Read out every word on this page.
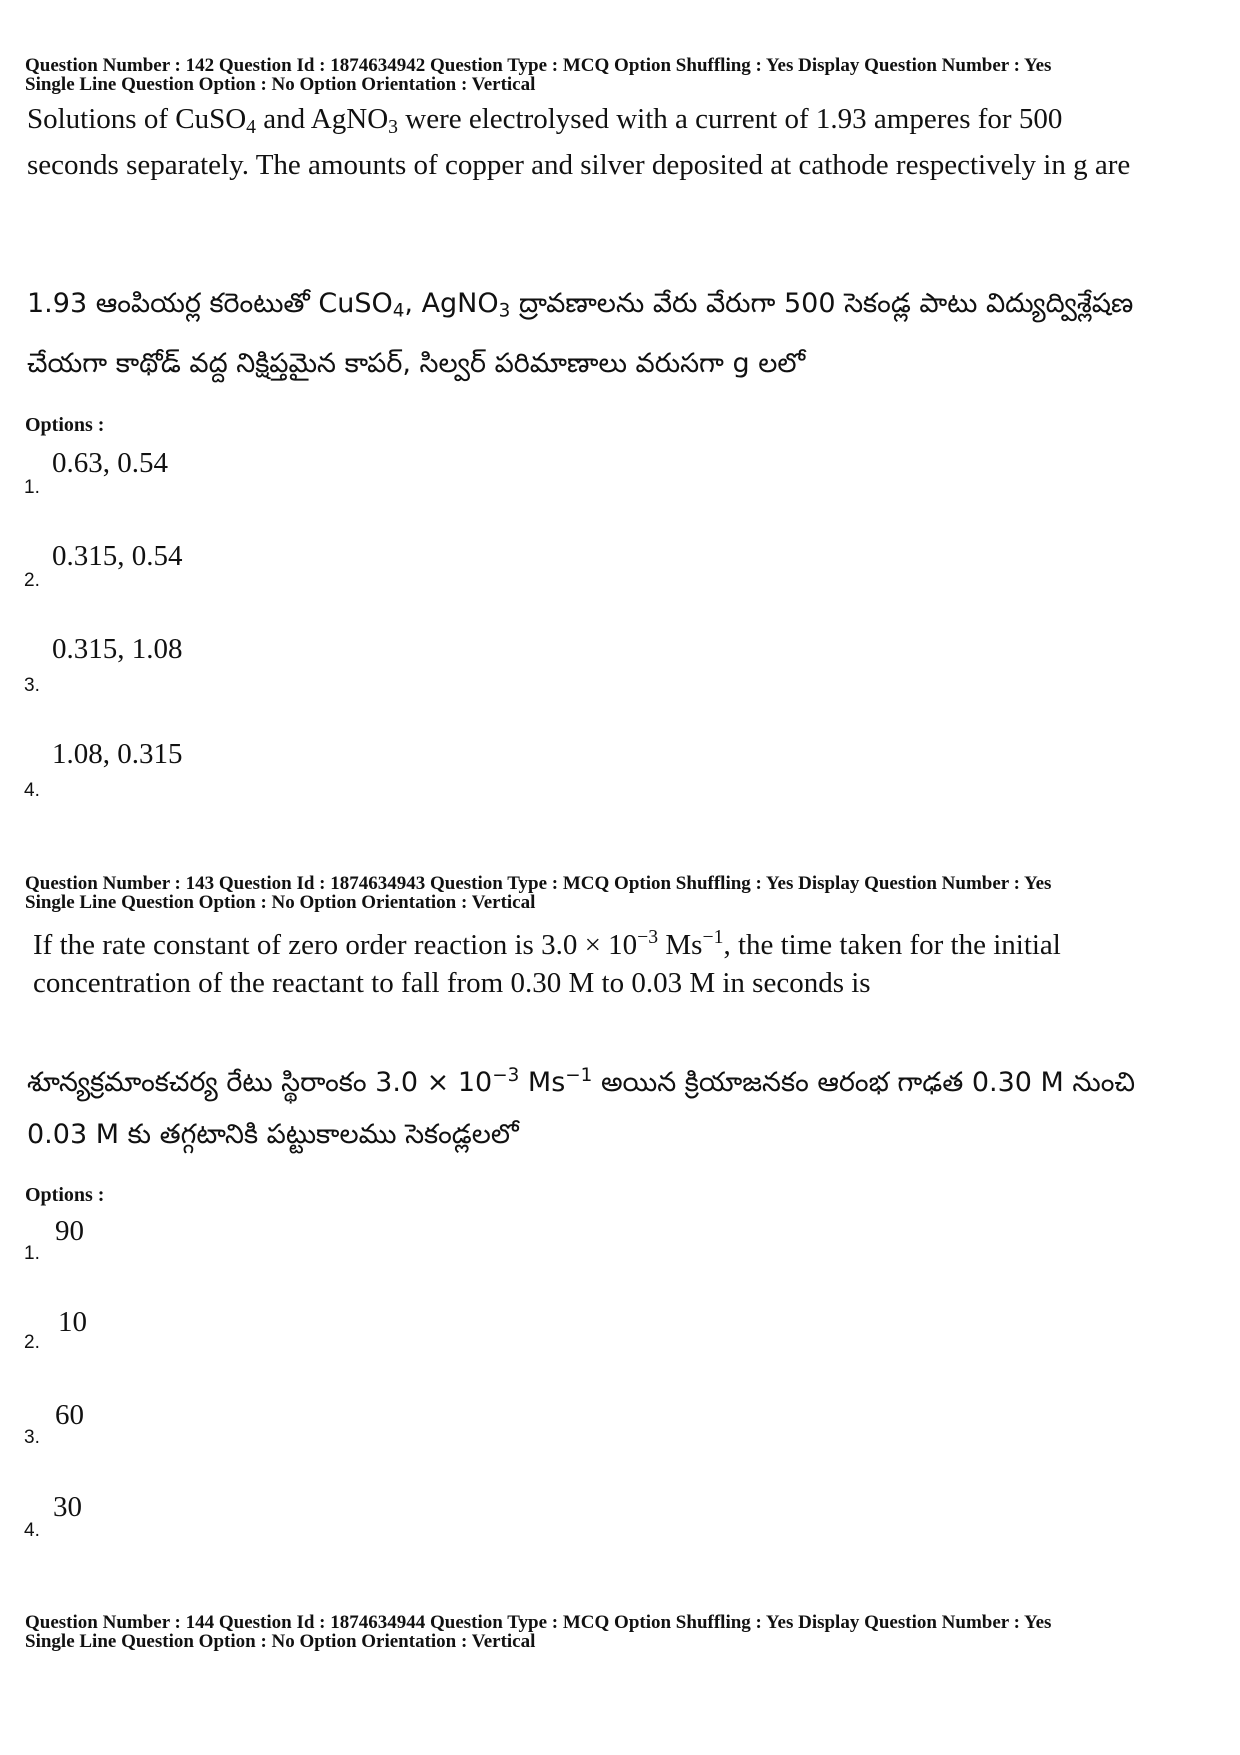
Question Number : 142 Question Id : 1874634942 Question Type : MCQ Option Shuffling : Yes Display Question Number : Yes
Single Line Question Option : No Option Orientation : Vertical
Solutions of CuSO$_4$ and AgNO$_3$ were electrolysed with a current of 1.93 amperes for 500 seconds separately. The amounts of copper and silver deposited at cathode respectively in g are
1.93 ఆంపియర్ల కరెంటుతో CuSO$_4$, AgNO$_3$ ద్రావణాలను వేరు వేరుగా 500 సెకండ్ల పాటు విద్యుద్విశ్లేషణ చేయగా కాథోడ్ వద్ద నిక్షిప్తమైన కాపర్, సిల్వర్ పరిమాణాలు వరుసగా g లలో
Options :
1.
0.63, 0.54
2.
0.315, 0.54
3.
0.315, 1.08
4.
1.08, 0.315
Question Number : 143 Question Id : 1874634943 Question Type : MCQ Option Shuffling : Yes Display Question Number : Yes
Single Line Question Option : No Option Orientation : Vertical
If the rate constant of zero order reaction is $3.0 \times 10^{-3}$ $Ms^{-1}$, the time taken for the initial concentration of the reactant to fall from 0.30 M to 0.03 M in seconds is
శూన్యక్రమాంకచర్య రేటు స్థిరాంకం $3.0 \times 10^{-3}$ $Ms^{-1}$ అయిన క్రియాజనకం ఆరంభ గాఢత 0.30 M నుంచి 0.03 M కు తగ్గటానికి పట్టుకాలము సెకండ్లలలో
Options :
1.
90
2.
10
3.
60
4.
30
Question Number : 144 Question Id : 1874634944 Question Type : MCQ Option Shuffling : Yes Display Question Number : Yes
Single Line Question Option : No Option Orientation : Vertical
